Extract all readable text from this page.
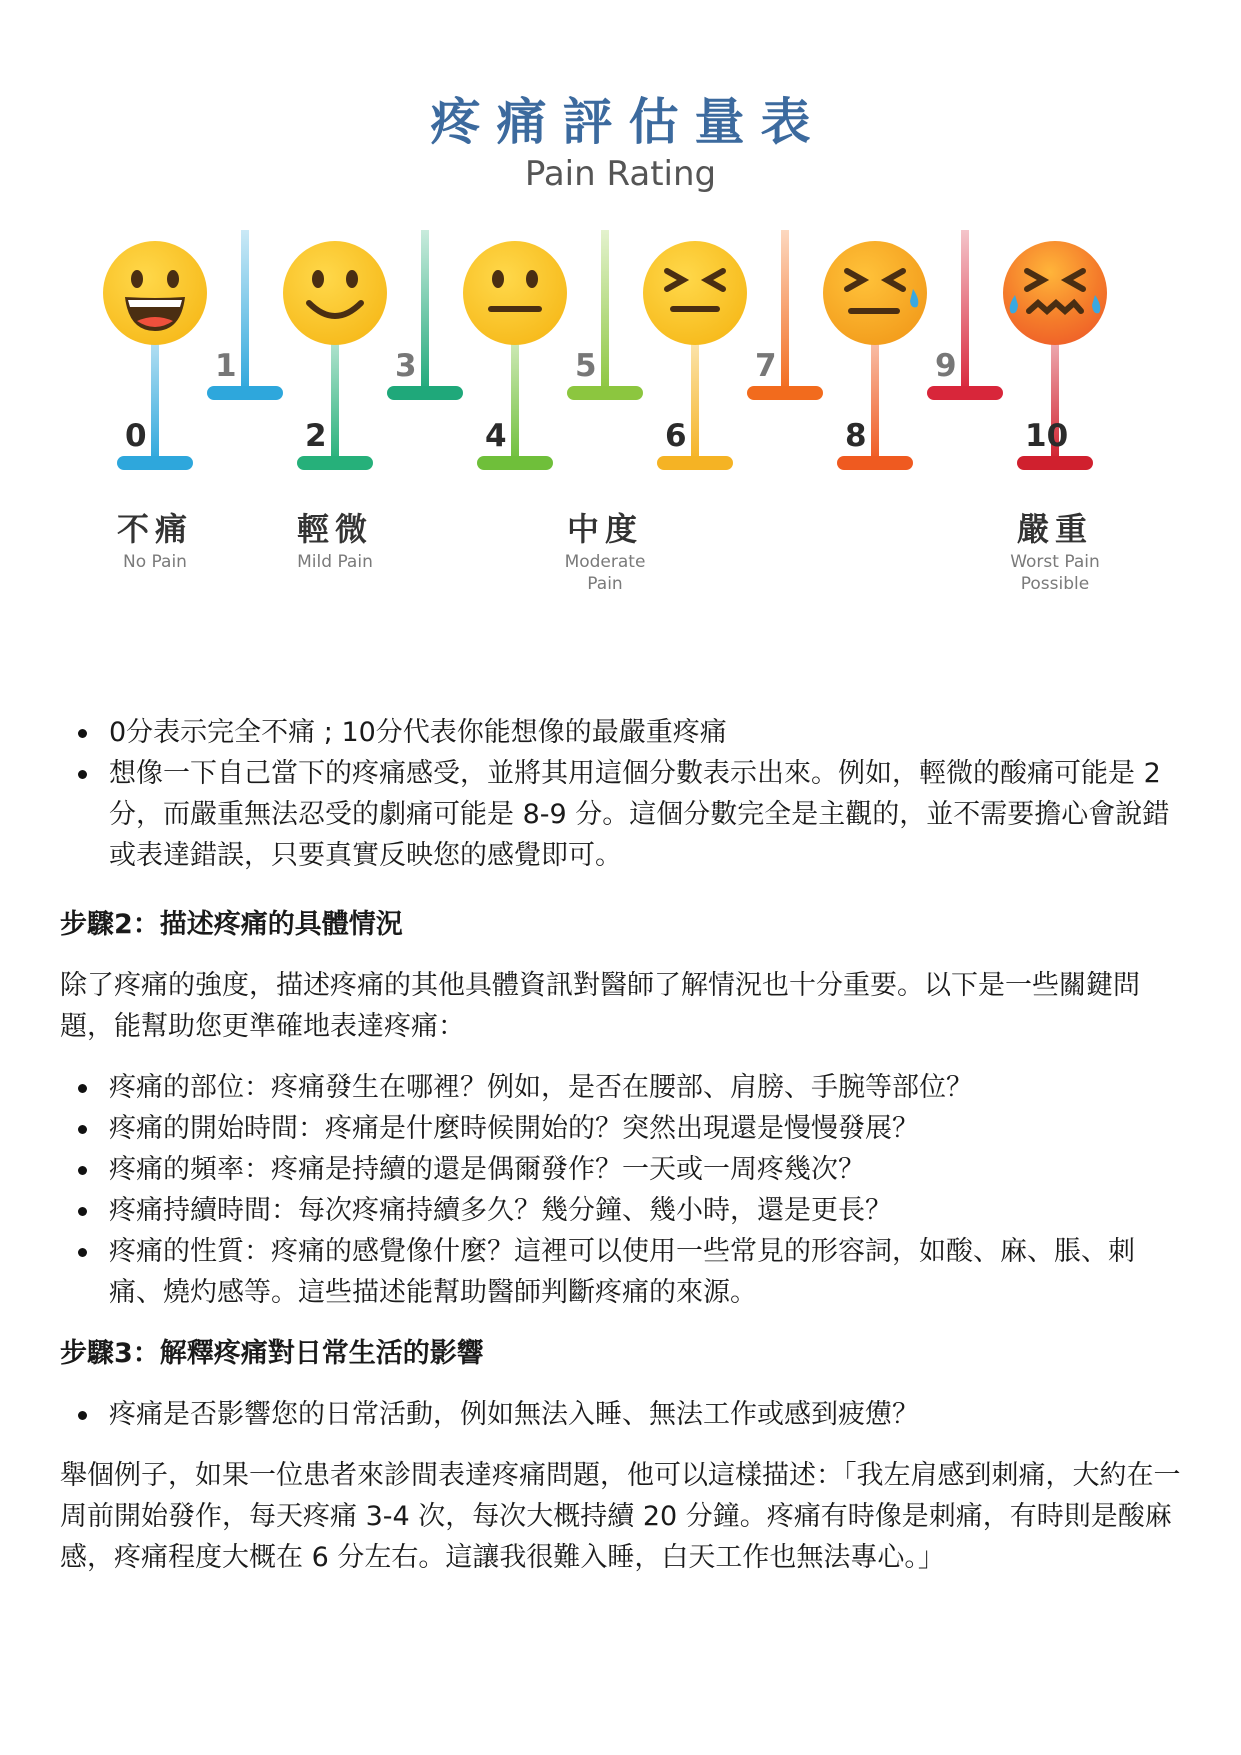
疼痛評估量表
Pain Rating
0
1
2
3
4
5
6
7
8
9
10
不痛
No Pain
輕微
Mild Pain
中度
Moderate
Pain
嚴重
Worst Pain
Possible
0分表示完全不痛 ; 10分代表你能想像的最嚴重疼痛
想像一下自己當下的疼痛感受，並將其用這個分數表示出來。例如，輕微的酸痛可能是 2 分，而嚴重無法忍受的劇痛可能是 8-9 分。這個分數完全是主觀的，並不需要擔心會說錯或表達錯誤，只要真實反映您的感覺即可。
步驟2：描述疼痛的具體情況
除了疼痛的強度，描述疼痛的其他具體資訊對醫師了解情況也十分重要。以下是一些關鍵問題，能幫助您更準確地表達疼痛：
疼痛的部位：疼痛發生在哪裡？例如，是否在腰部、肩膀、手腕等部位？
疼痛的開始時間：疼痛是什麼時候開始的？突然出現還是慢慢發展？
疼痛的頻率：疼痛是持續的還是偶爾發作？一天或一周疼幾次？
疼痛持續時間：每次疼痛持續多久？幾分鐘、幾小時，還是更長？
疼痛的性質：疼痛的感覺像什麼？這裡可以使用一些常見的形容詞，如酸、麻、脹、刺痛、燒灼感等。這些描述能幫助醫師判斷疼痛的來源。
步驟3：解釋疼痛對日常生活的影響
疼痛是否影響您的日常活動，例如無法入睡、無法工作或感到疲憊？
舉個例子，如果一位患者來診間表達疼痛問題，他可以這樣描述：「我左肩感到刺痛，大約在一周前開始發作，每天疼痛 3-4 次，每次大概持續 20 分鐘。疼痛有時像是刺痛，有時則是酸麻感，疼痛程度大概在 6 分左右。這讓我很難入睡，白天工作也無法專心。」
